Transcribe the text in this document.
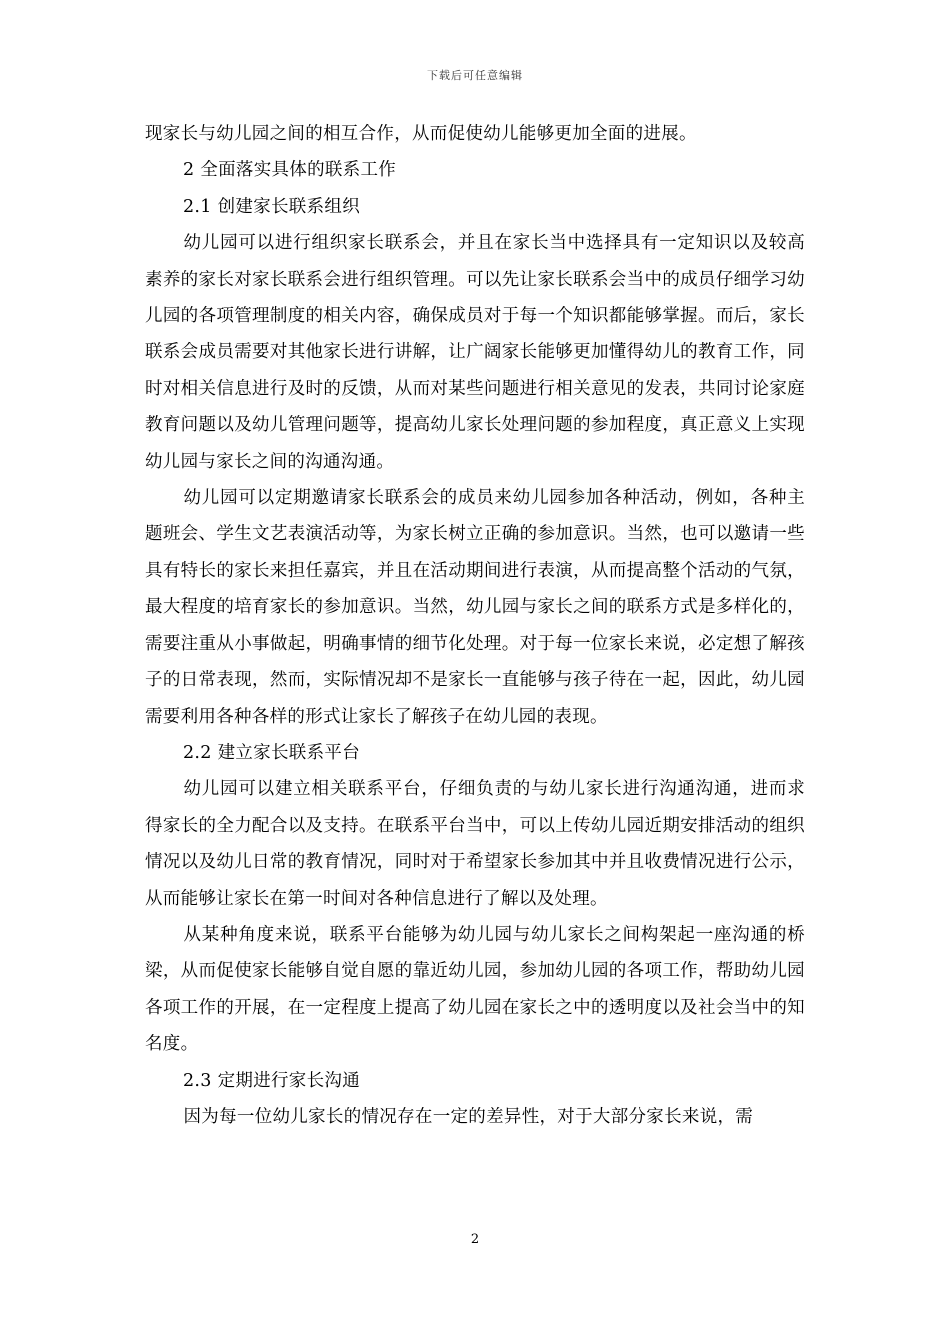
下载后可任意编辑

现家长与幼儿园之间的相互合作，从而促使幼儿能够更加全面的进展。

2 全面落实具体的联系工作

2.1 创建家长联系组织

幼儿园可以进行组织家长联系会，并且在家长当中选择具有一定知识以及较高素养的家长对家长联系会进行组织管理。可以先让家长联系会当中的成员仔细学习幼儿园的各项管理制度的相关内容，确保成员对于每一个知识都能够掌握。而后，家长联系会成员需要对其他家长进行讲解，让广阔家长能够更加懂得幼儿的教育工作，同时对相关信息进行及时的反馈，从而对某些问题进行相关意见的发表，共同讨论家庭教育问题以及幼儿管理问题等，提高幼儿家长处理问题的参加程度，真正意义上实现幼儿园与家长之间的沟通沟通。

幼儿园可以定期邀请家长联系会的成员来幼儿园参加各种活动，例如，各种主题班会、学生文艺表演活动等，为家长树立正确的参加意识。当然，也可以邀请一些具有特长的家长来担任嘉宾，并且在活动期间进行表演，从而提高整个活动的气氛，最大程度的培育家长的参加意识。当然，幼儿园与家长之间的联系方式是多样化的，需要注重从小事做起，明确事情的细节化处理。对于每一位家长来说，必定想了解孩子的日常表现，然而，实际情况却不是家长一直能够与孩子待在一起，因此，幼儿园需要利用各种各样的形式让家长了解孩子在幼儿园的表现。

2.2 建立家长联系平台

幼儿园可以建立相关联系平台，仔细负责的与幼儿家长进行沟通沟通，进而求得家长的全力配合以及支持。在联系平台当中，可以上传幼儿园近期安排活动的组织情况以及幼儿日常的教育情况，同时对于希望家长参加其中并且收费情况进行公示，从而能够让家长在第一时间对各种信息进行了解以及处理。

从某种角度来说，联系平台能够为幼儿园与幼儿家长之间构架起一座沟通的桥梁，从而促使家长能够自觉自愿的靠近幼儿园，参加幼儿园的各项工作，帮助幼儿园各项工作的开展，在一定程度上提高了幼儿园在家长之中的透明度以及社会当中的知名度。

2.3 定期进行家长沟通

因为每一位幼儿家长的情况存在一定的差异性，对于大部分家长来说，需

2
